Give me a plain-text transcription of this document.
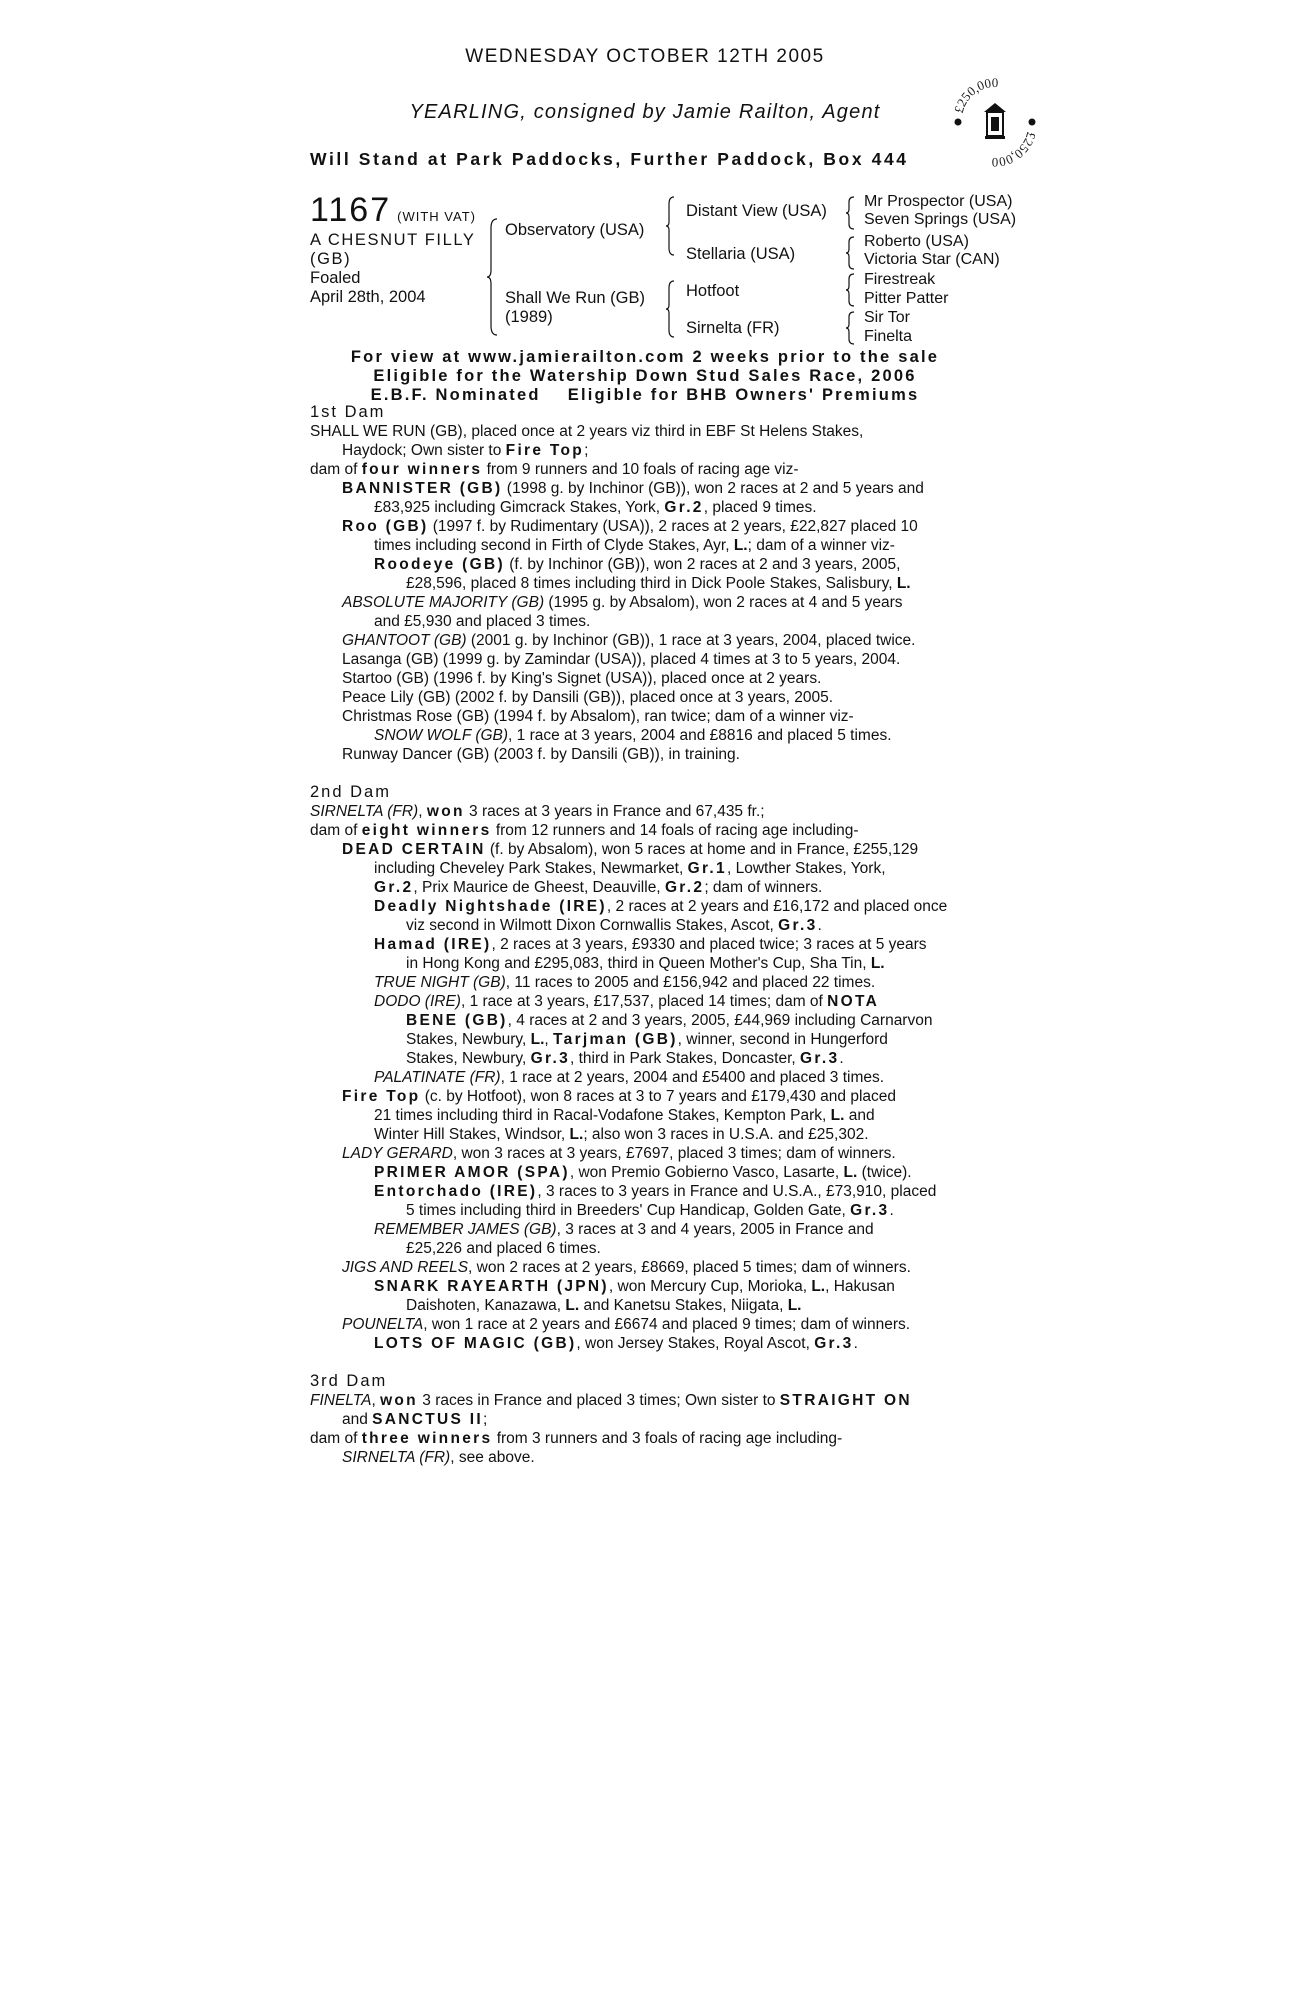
WEDNESDAY OCTOBER 12TH 2005
YEARLING, consigned by Jamie Railton, Agent
Will Stand at Park Paddocks, Further Paddock, Box 444
£250,000
£250,000
1167 (WITH VAT)
A CHESNUT FILLY
(GB)
Foaled
April 28th, 2004
Observatory (USA)
Shall We Run (GB)
(1989)
Distant View (USA)
Stellaria (USA)
Hotfoot
Sirnelta (FR)
Mr Prospector (USA)
Seven Springs (USA)
Roberto (USA)
Victoria Star (CAN)
Firestreak
Pitter Patter
Sir Tor
Finelta
For view at www.jamierailton.com 2 weeks prior to the sale
Eligible for the Watership Down Stud Sales Race, 2006
E.B.F. Nominated Eligible for BHB Owners' Premiums
1st Dam
SHALL WE RUN (GB), placed once at 2 years viz third in EBF St Helens Stakes,
Haydock; Own sister to Fire Top;
dam of four winners from 9 runners and 10 foals of racing age viz-
BANNISTER (GB) (1998 g. by Inchinor (GB)), won 2 races at 2 and 5 years and
£83,925 including Gimcrack Stakes, York, Gr.2, placed 9 times.
Roo (GB) (1997 f. by Rudimentary (USA)), 2 races at 2 years, £22,827 placed 10
times including second in Firth of Clyde Stakes, Ayr, L.; dam of a winner viz-
Roodeye (GB) (f. by Inchinor (GB)), won 2 races at 2 and 3 years, 2005,
£28,596, placed 8 times including third in Dick Poole Stakes, Salisbury, L.
ABSOLUTE MAJORITY (GB) (1995 g. by Absalom), won 2 races at 4 and 5 years
and £5,930 and placed 3 times.
GHANTOOT (GB) (2001 g. by Inchinor (GB)), 1 race at 3 years, 2004, placed twice.
Lasanga (GB) (1999 g. by Zamindar (USA)), placed 4 times at 3 to 5 years, 2004.
Startoo (GB) (1996 f. by King's Signet (USA)), placed once at 2 years.
Peace Lily (GB) (2002 f. by Dansili (GB)), placed once at 3 years, 2005.
Christmas Rose (GB) (1994 f. by Absalom), ran twice; dam of a winner viz-
SNOW WOLF (GB), 1 race at 3 years, 2004 and £8816 and placed 5 times.
Runway Dancer (GB) (2003 f. by Dansili (GB)), in training.
2nd Dam
SIRNELTA (FR), won 3 races at 3 years in France and 67,435 fr.;
dam of eight winners from 12 runners and 14 foals of racing age including-
DEAD CERTAIN (f. by Absalom), won 5 races at home and in France, £255,129
including Cheveley Park Stakes, Newmarket, Gr.1, Lowther Stakes, York,
Gr.2, Prix Maurice de Gheest, Deauville, Gr.2; dam of winners.
Deadly Nightshade (IRE), 2 races at 2 years and £16,172 and placed once
viz second in Wilmott Dixon Cornwallis Stakes, Ascot, Gr.3.
Hamad (IRE), 2 races at 3 years, £9330 and placed twice; 3 races at 5 years
in Hong Kong and £295,083, third in Queen Mother's Cup, Sha Tin, L.
TRUE NIGHT (GB), 11 races to 2005 and £156,942 and placed 22 times.
DODO (IRE), 1 race at 3 years, £17,537, placed 14 times; dam of NOTA
BENE (GB), 4 races at 2 and 3 years, 2005, £44,969 including Carnarvon
Stakes, Newbury, L., Tarjman (GB), winner, second in Hungerford
Stakes, Newbury, Gr.3, third in Park Stakes, Doncaster, Gr.3.
PALATINATE (FR), 1 race at 2 years, 2004 and £5400 and placed 3 times.
Fire Top (c. by Hotfoot), won 8 races at 3 to 7 years and £179,430 and placed
21 times including third in Racal-Vodafone Stakes, Kempton Park, L. and
Winter Hill Stakes, Windsor, L.; also won 3 races in U.S.A. and £25,302.
LADY GERARD, won 3 races at 3 years, £7697, placed 3 times; dam of winners.
PRIMER AMOR (SPA), won Premio Gobierno Vasco, Lasarte, L. (twice).
Entorchado (IRE), 3 races to 3 years in France and U.S.A., £73,910, placed
5 times including third in Breeders' Cup Handicap, Golden Gate, Gr.3.
REMEMBER JAMES (GB), 3 races at 3 and 4 years, 2005 in France and
£25,226 and placed 6 times.
JIGS AND REELS, won 2 races at 2 years, £8669, placed 5 times; dam of winners.
SNARK RAYEARTH (JPN), won Mercury Cup, Morioka, L., Hakusan
Daishoten, Kanazawa, L. and Kanetsu Stakes, Niigata, L.
POUNELTA, won 1 race at 2 years and £6674 and placed 9 times; dam of winners.
LOTS OF MAGIC (GB), won Jersey Stakes, Royal Ascot, Gr.3.
3rd Dam
FINELTA, won 3 races in France and placed 3 times; Own sister to STRAIGHT ON
and SANCTUS II;
dam of three winners from 3 runners and 3 foals of racing age including-
SIRNELTA (FR), see above.
